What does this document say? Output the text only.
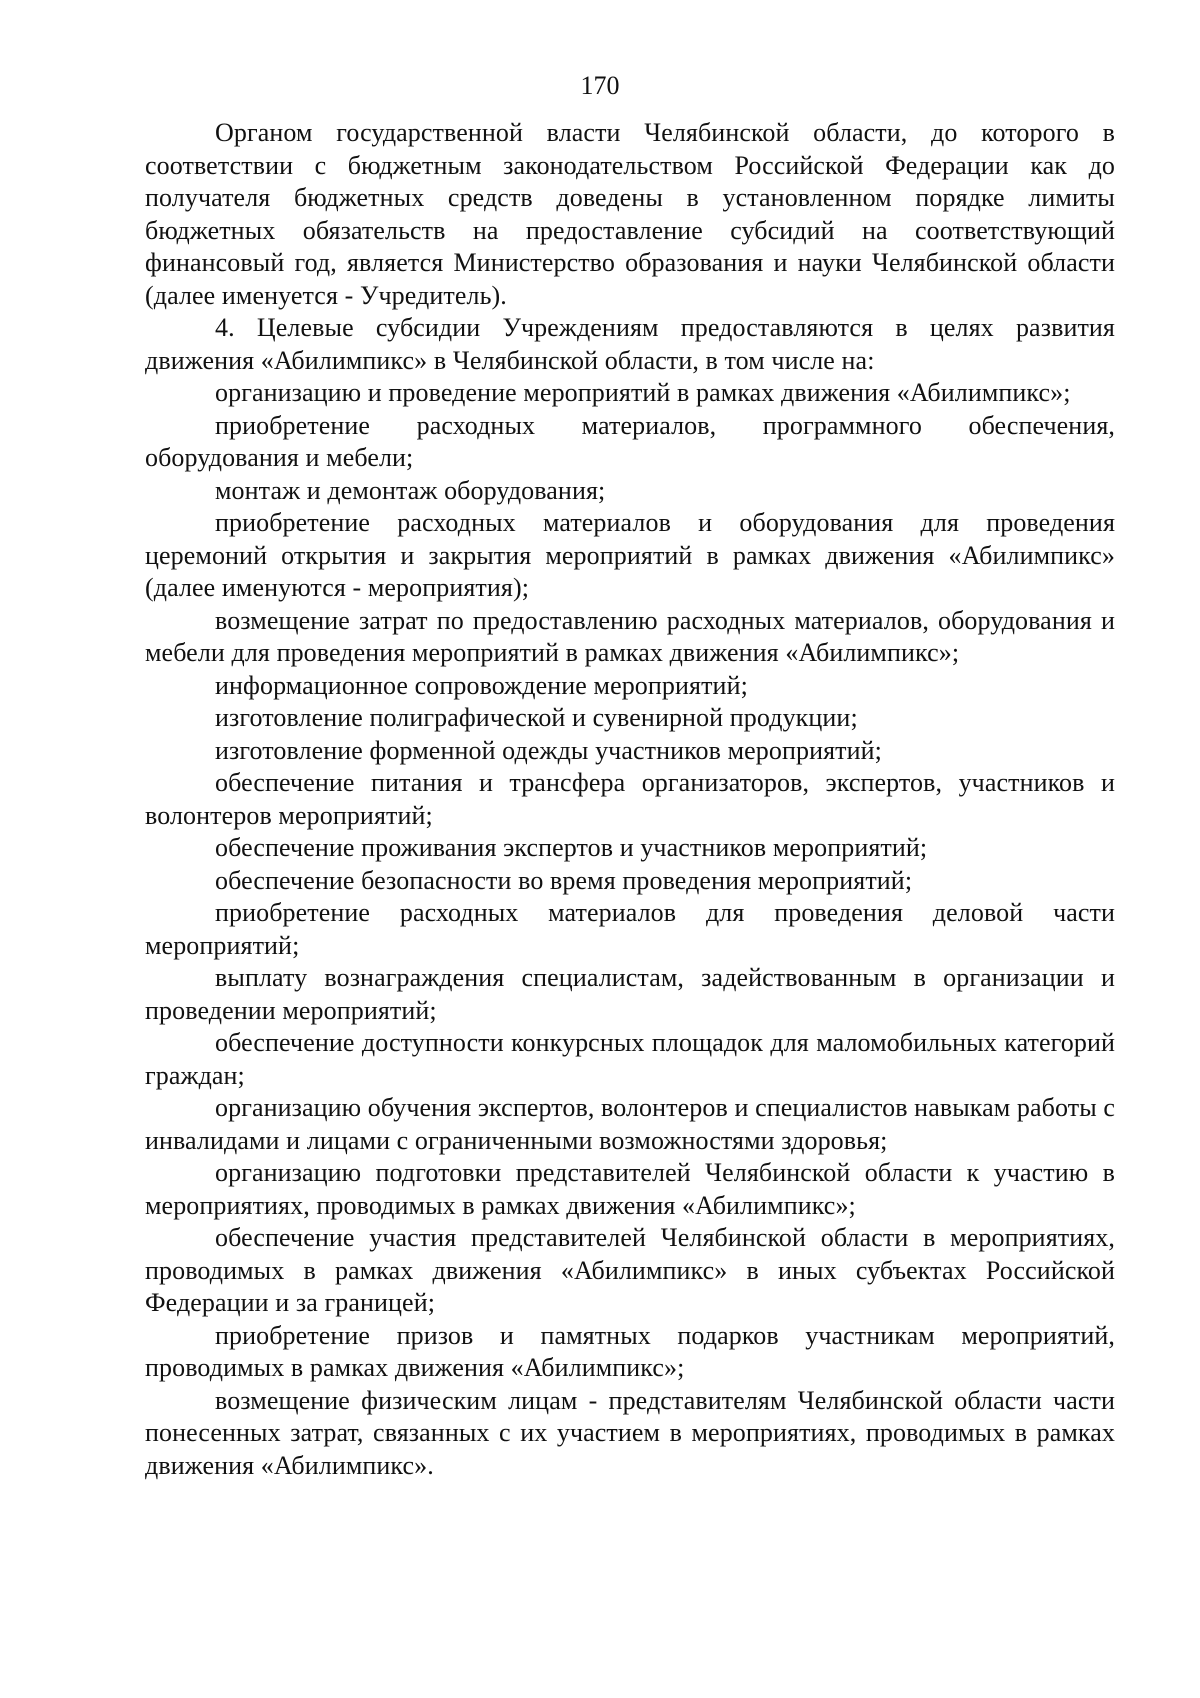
170

Органом государственной власти Челябинской области, до которого в соответствии с бюджетным законодательством Российской Федерации как до получателя бюджетных средств доведены в установленном порядке лимиты бюджетных обязательств на предоставление субсидий на соответствующий финансовый год, является Министерство образования и науки Челябинской области (далее именуется - Учредитель).

4. Целевые субсидии Учреждениям предоставляются в целях развития движения «Абилимпикс» в Челябинской области, в том числе на:

организацию и проведение мероприятий в рамках движения «Абилимпикс»;

приобретение расходных материалов, программного обеспечения, оборудования и мебели;

монтаж и демонтаж оборудования;

приобретение расходных материалов и оборудования для проведения церемоний открытия и закрытия мероприятий в рамках движения «Абилимпикс» (далее именуются - мероприятия);

возмещение затрат по предоставлению расходных материалов, оборудования и мебели для проведения мероприятий в рамках движения «Абилимпикс»;

информационное сопровождение мероприятий;

изготовление полиграфической и сувенирной продукции;

изготовление форменной одежды участников мероприятий;

обеспечение питания и трансфера организаторов, экспертов, участников и волонтеров мероприятий;

обеспечение проживания экспертов и участников мероприятий;

обеспечение безопасности во время проведения мероприятий;

приобретение расходных материалов для проведения деловой части мероприятий;

выплату вознаграждения специалистам, задействованным в организации и проведении мероприятий;

обеспечение доступности конкурсных площадок для маломобильных категорий граждан;

организацию обучения экспертов, волонтеров и специалистов навыкам работы с инвалидами и лицами с ограниченными возможностями здоровья;

организацию подготовки представителей Челябинской области к участию в мероприятиях, проводимых в рамках движения «Абилимпикс»;

обеспечение участия представителей Челябинской области в мероприятиях, проводимых в рамках движения «Абилимпикс» в иных субъектах Российской Федерации и за границей;

приобретение призов и памятных подарков участникам мероприятий, проводимых в рамках движения «Абилимпикс»;

возмещение физическим лицам - представителям Челябинской области части понесенных затрат, связанных с их участием в мероприятиях, проводимых в рамках движения «Абилимпикс».
